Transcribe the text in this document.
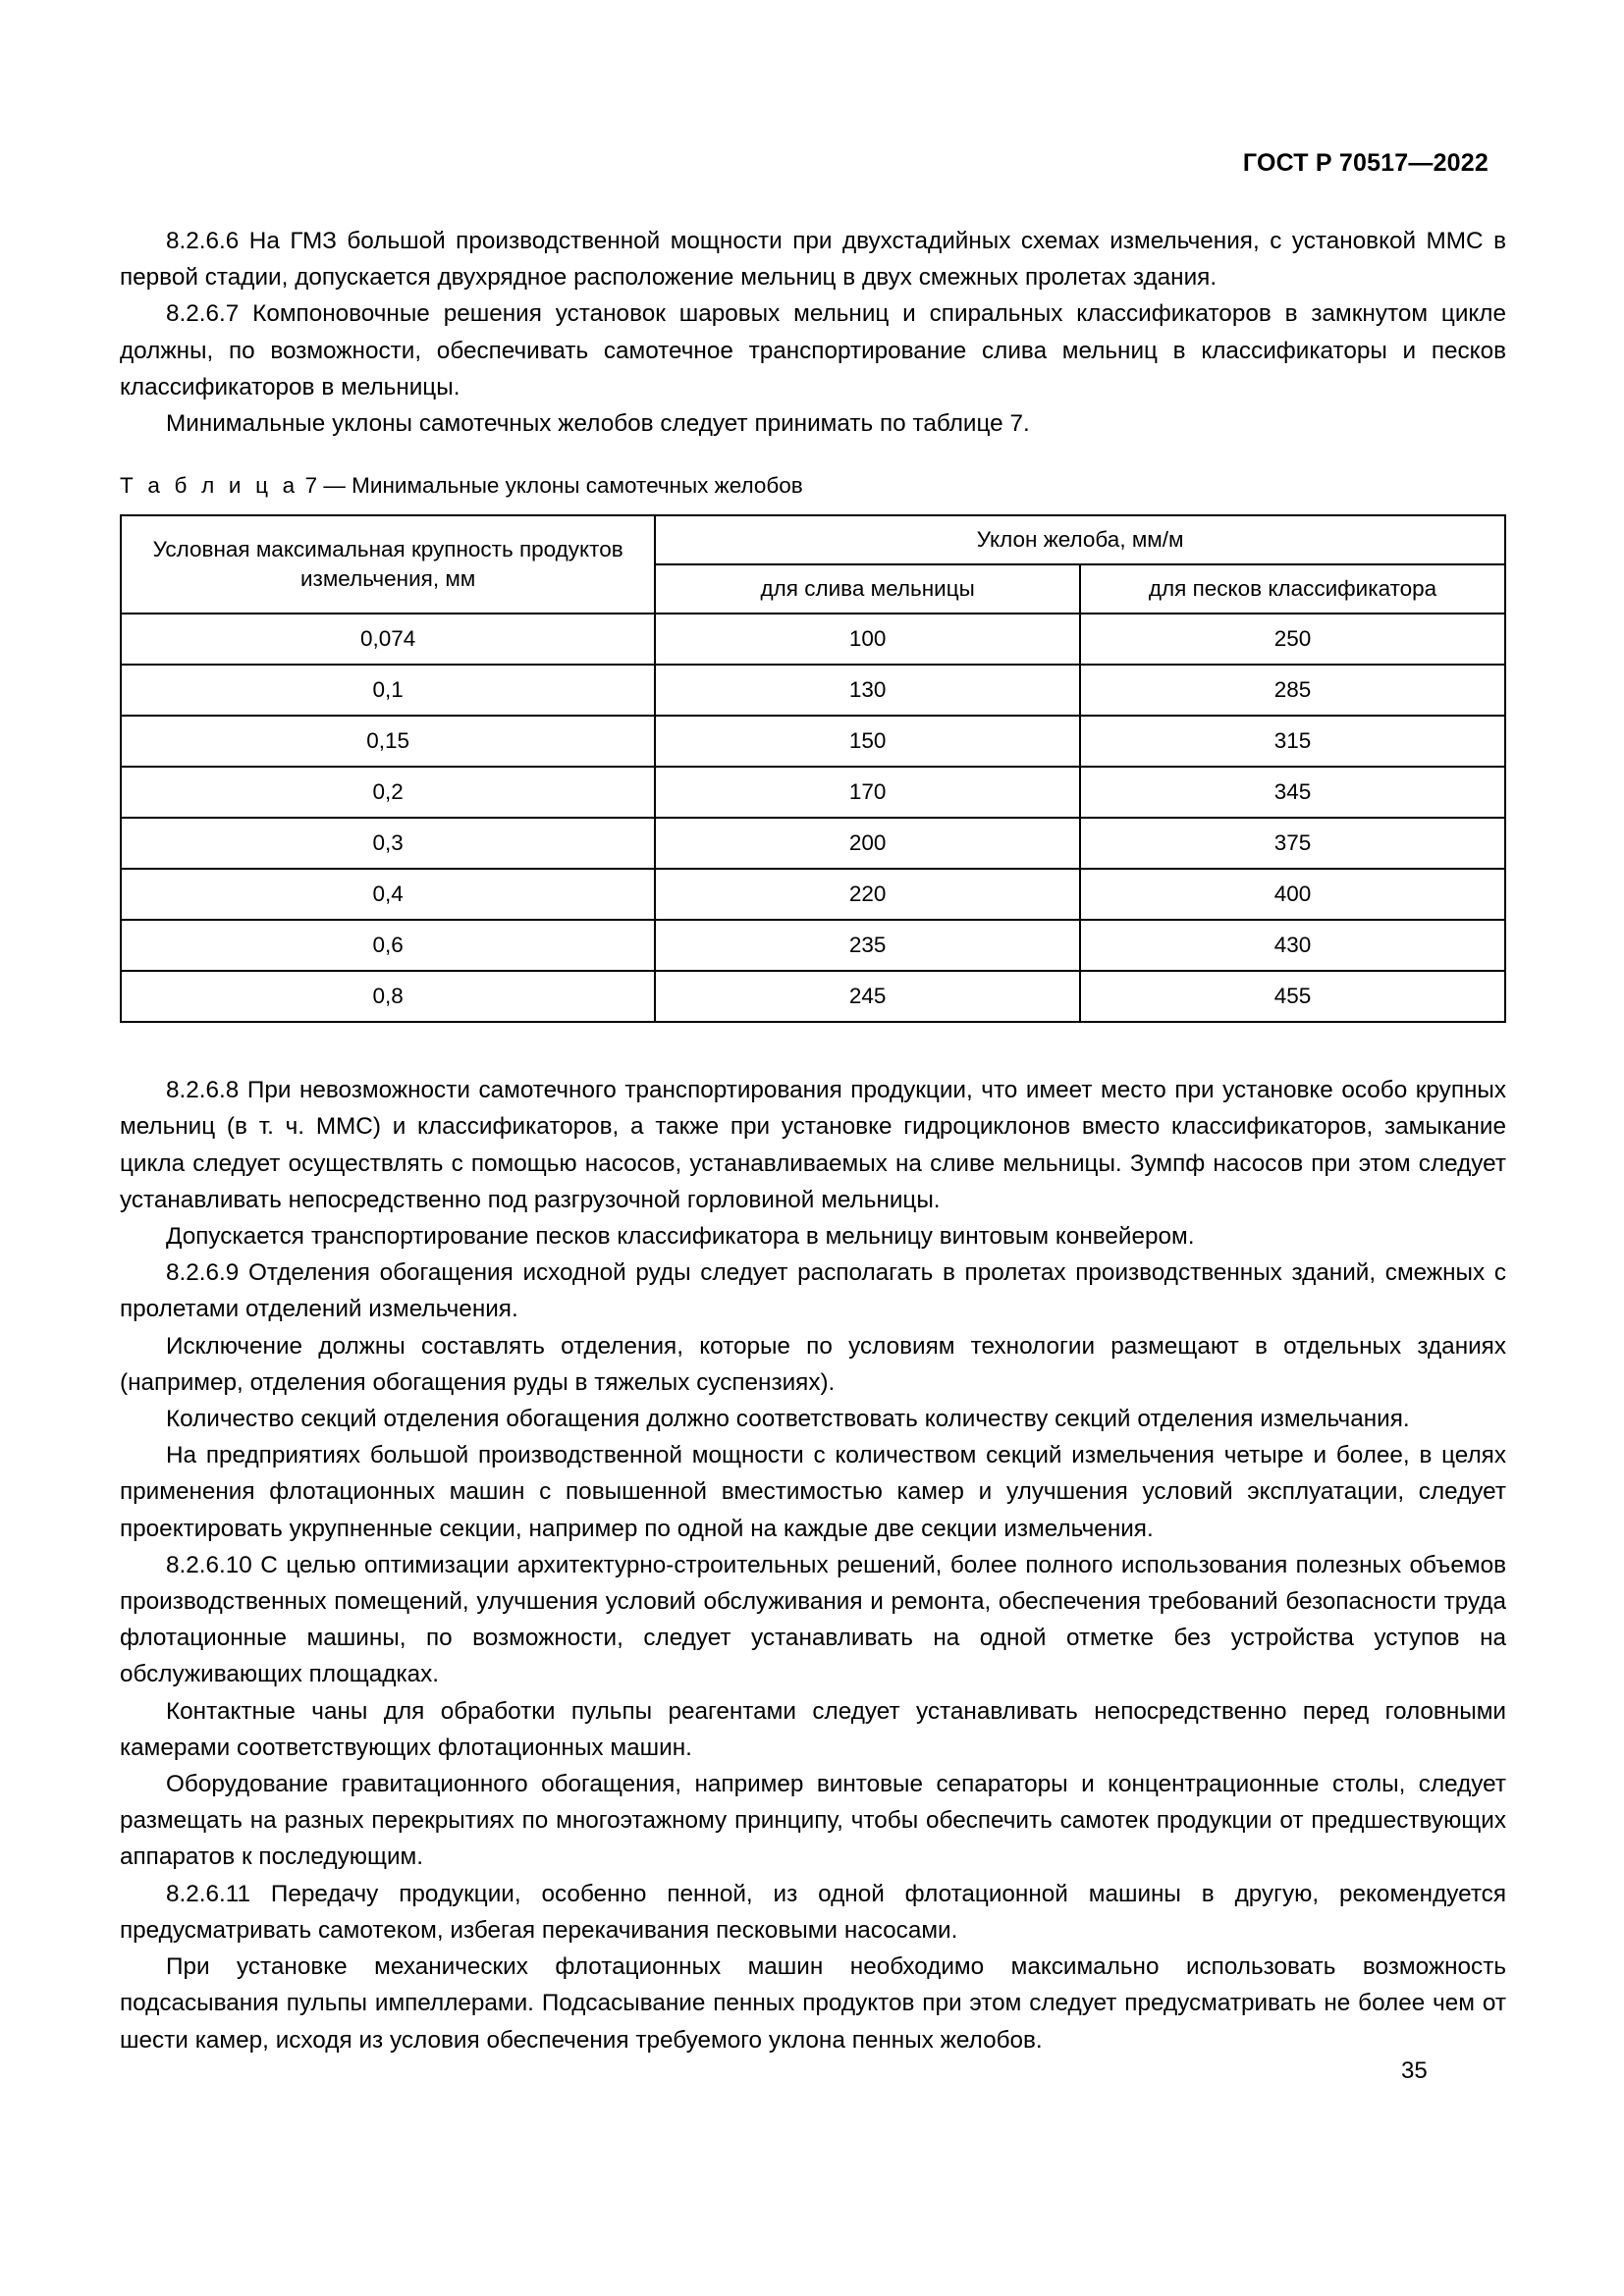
ГОСТ Р 70517—2022

8.2.6.6 На ГМЗ большой производственной мощности при двухстадийных схемах измельчения, с установкой ММС в первой стадии, допускается двухрядное расположение мельниц в двух смежных пролетах здания.

8.2.6.7 Компоновочные решения установок шаровых мельниц и спиральных классификаторов в замкнутом цикле должны, по возможности, обеспечивать самотечное транспортирование слива мельниц в классификаторы и песков классификаторов в мельницы.

Минимальные уклоны самотечных желобов следует принимать по таблице 7.

Т а б л и ц а 7 — Минимальные уклоны самотечных желобов

Условная максимальная крупность продуктов измельчения, мм	Уклон желоба, мм/м	
	для слива мельницы	для песков классификатора
0,074	100	250
0,1	130	285
0,15	150	315
0,2	170	345
0,3	200	375
0,4	220	400
0,6	235	430
0,8	245	455

8.2.6.8 При невозможности самотечного транспортирования продукции, что имеет место при установке особо крупных мельниц (в т. ч. ММС) и классификаторов, а также при установке гидроциклонов вместо классификаторов, замыкание цикла следует осуществлять с помощью насосов, устанавливаемых на сливе мельницы. Зумпф насосов при этом следует устанавливать непосредственно под разгрузочной горловиной мельницы.

Допускается транспортирование песков классификатора в мельницу винтовым конвейером.

8.2.6.9 Отделения обогащения исходной руды следует располагать в пролетах производственных зданий, смежных с пролетами отделений измельчения.

Исключение должны составлять отделения, которые по условиям технологии размещают в отдельных зданиях (например, отделения обогащения руды в тяжелых суспензиях).

Количество секций отделения обогащения должно соответствовать количеству секций отделения измельчания.

На предприятиях большой производственной мощности с количеством секций измельчения четыре и более, в целях применения флотационных машин с повышенной вместимостью камер и улучшения условий эксплуатации, следует проектировать укрупненные секции, например по одной на каждые две секции измельчения.

8.2.6.10 С целью оптимизации архитектурно-строительных решений, более полного использования полезных объемов производственных помещений, улучшения условий обслуживания и ремонта, обеспечения требований безопасности труда флотационные машины, по возможности, следует устанавливать на одной отметке без устройства уступов на обслуживающих площадках.

Контактные чаны для обработки пульпы реагентами следует устанавливать непосредственно перед головными камерами соответствующих флотационных машин.

Оборудование гравитационного обогащения, например винтовые сепараторы и концентрационные столы, следует размещать на разных перекрытиях по многоэтажному принципу, чтобы обеспечить самотек продукции от предшествующих аппаратов к последующим.

8.2.6.11 Передачу продукции, особенно пенной, из одной флотационной машины в другую, рекомендуется предусматривать самотеком, избегая перекачивания песковыми насосами.

При установке механических флотационных машин необходимо максимально использовать возможность подсасывания пульпы импеллерами. Подсасывание пенных продуктов при этом следует предусматривать не более чем от шести камер, исходя из условия обеспечения требуемого уклона пенных желобов.

35
